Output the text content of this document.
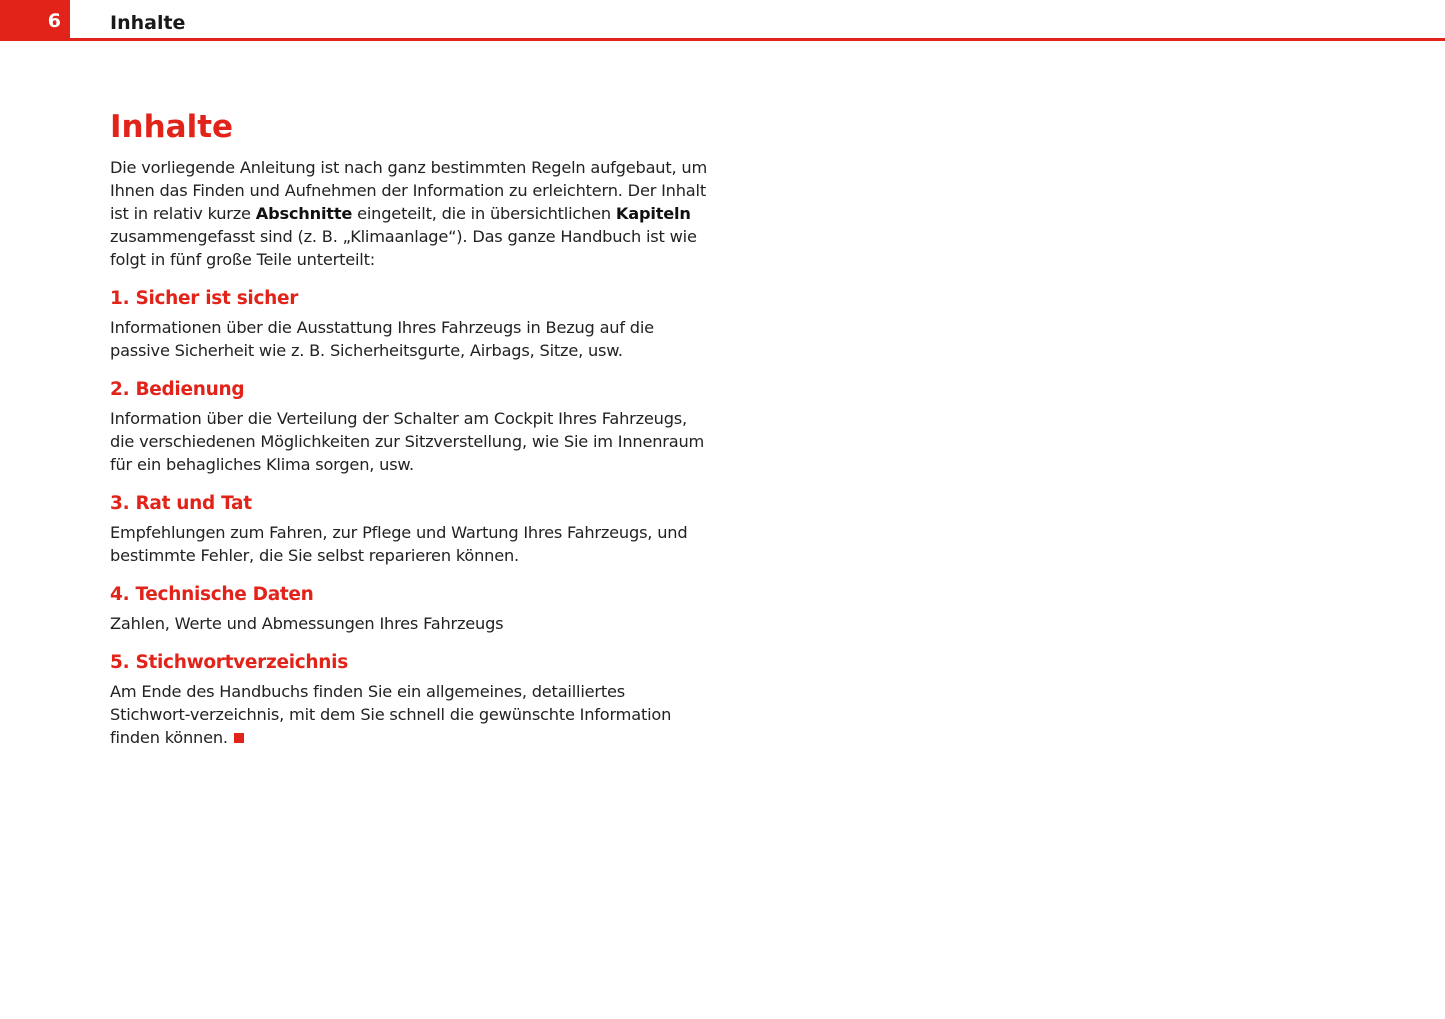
6	Inhalte
Inhalte

Die vorliegende Anleitung ist nach ganz bestimmten Regeln aufgebaut, um Ihnen das Finden und Aufnehmen der Information zu erleichtern. Der Inhalt ist in relativ kurze Abschnitte eingeteilt, die in übersichtlichen Kapiteln zusammengefasst sind (z. B. „Klimaanlage“). Das ganze Handbuch ist wie folgt in fünf große Teile unterteilt:

1. Sicher ist sicher

Informationen über die Ausstattung Ihres Fahrzeugs in Bezug auf die passive Sicherheit wie z. B. Sicherheitsgurte, Airbags, Sitze, usw.

2. Bedienung

Information über die Verteilung der Schalter am Cockpit Ihres Fahrzeugs, die verschiedenen Möglichkeiten zur Sitzverstellung, wie Sie im Innenraum für ein behagliches Klima sorgen, usw.

3. Rat und Tat

Empfehlungen zum Fahren, zur Pflege und Wartung Ihres Fahrzeugs, und bestimmte Fehler, die Sie selbst reparieren können.

4. Technische Daten

Zahlen, Werte und Abmessungen Ihres Fahrzeugs

5. Stichwortverzeichnis

Am Ende des Handbuchs finden Sie ein allgemeines, detailliertes Stichwort-verzeichnis, mit dem Sie schnell die gewünschte Information finden können.
